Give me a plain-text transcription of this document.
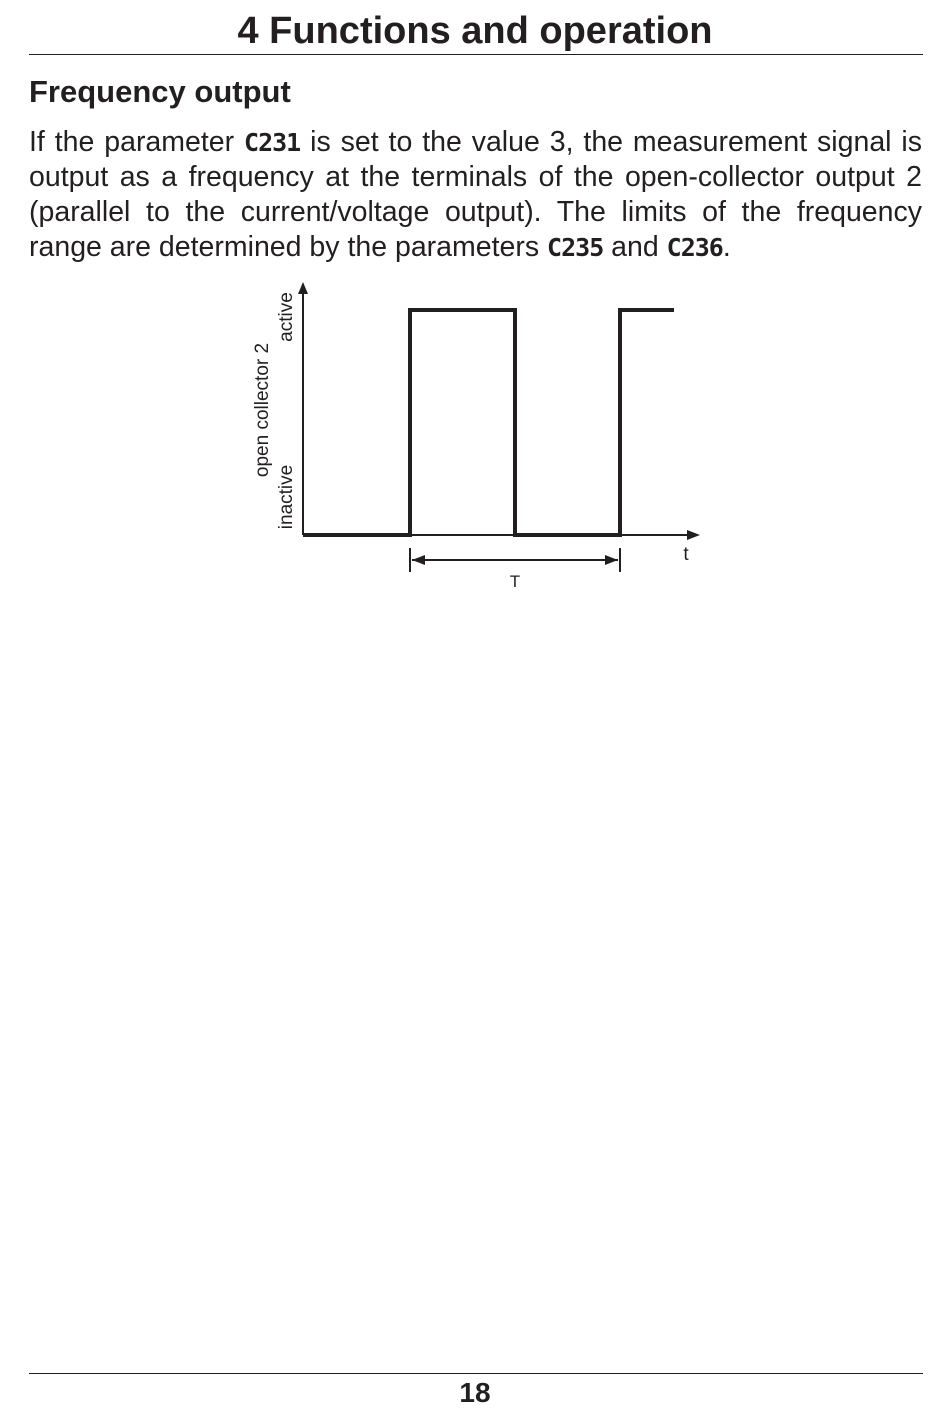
4 Functions and operation
Frequency output

If the parameter C231 is set to the value 3, the measurement signal is output as a frequency at the terminals of the open-collector output 2 (parallel to the current/voltage output). The limits of the frequency range are determined by the parameters C235 and C236.

T
t
open collector 2
active
inactive
18
